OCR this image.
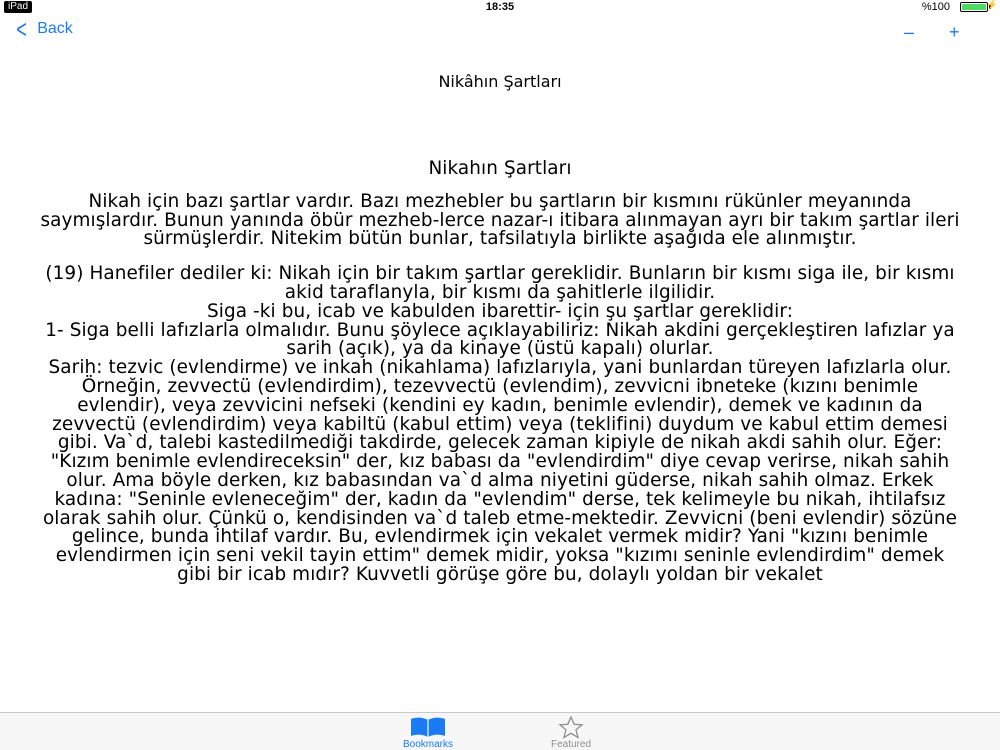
iPad	18:35	%100	⚡
< Back	– +
Nikâhın Şartları
Nikahın Şartları

Nikah için bazı şartlar vardır. Bazı mezhebler bu şartların bir kısmını rükünler meyanında saymışlardır. Bunun yanında öbür mezheb-lerce nazar-ı itibara alınmayan ayrı bir takım şartlar ileri sürmüşlerdir. Nitekim bütün bunlar, tafsilatıyla birlikte aşağıda ele alınmıştır.

(19) Hanefiler dediler ki: Nikah için bir takım şartlar gereklidir. Bunların bir kısmı siga ile, bir kısmı akid taraflanyla, bir kısmı da şahitlerle ilgilidir.

Siga -ki bu, icab ve kabulden ibarettir- için şu şartlar gereklidir:

1- Siga belli lafızlarla olmalıdır. Bunu şöylece açıklayabiliriz: Nikah akdini gerçekleştiren lafızlar ya sarih (açık), ya da kinaye (üstü kapalı) olurlar.

Sarih: tezvic (evlendirme) ve inkah (nikahlama) lafızlarıyla, yani bunlardan türeyen lafızlarla olur. Örneğin, zevvectü (evlendirdim), tezevvectü (evlendim), zevvicni ibneteke (kızını benimle evlendir), veya zevvicini nefseki (kendini ey kadın, benimle evlendir), demek ve kadının da zevvectü (evlendirdim) veya kabiltü (kabul ettim) veya (teklifini) duydum ve kabul ettim demesi gibi. Va`d, talebi kastedilmediği takdirde, gelecek zaman kipiyle de nikah akdi sahih olur. Eğer: "Kızım benimle evlendireceksin" der, kız babası da "evlendirdim" diye cevap verirse, nikah sahih olur. Ama böyle derken, kız babasından va`d alma niyetini güderse, nikah sahih olmaz. Erkek kadına: "Seninle evleneceğim" der, kadın da "evlendim" derse, tek kelimeyle bu nikah, ihtilafsız olarak sahih olur. Çünkü o, kendisinden va`d taleb etme-mektedir. Zevvicni (beni evlendir) sözüne gelince, bunda ihtilaf vardır. Bu, evlendirmek için vekalet vermek midir? Yani "kızını benimle evlendirmen için seni vekil tayin ettim" demek midir, yoksa "kızımı seninle evlendirdim" demek gibi bir icab mıdır? Kuvvetli görüşe göre bu, dolaylı yoldan bir vekalet

Bookmarks	Featured
